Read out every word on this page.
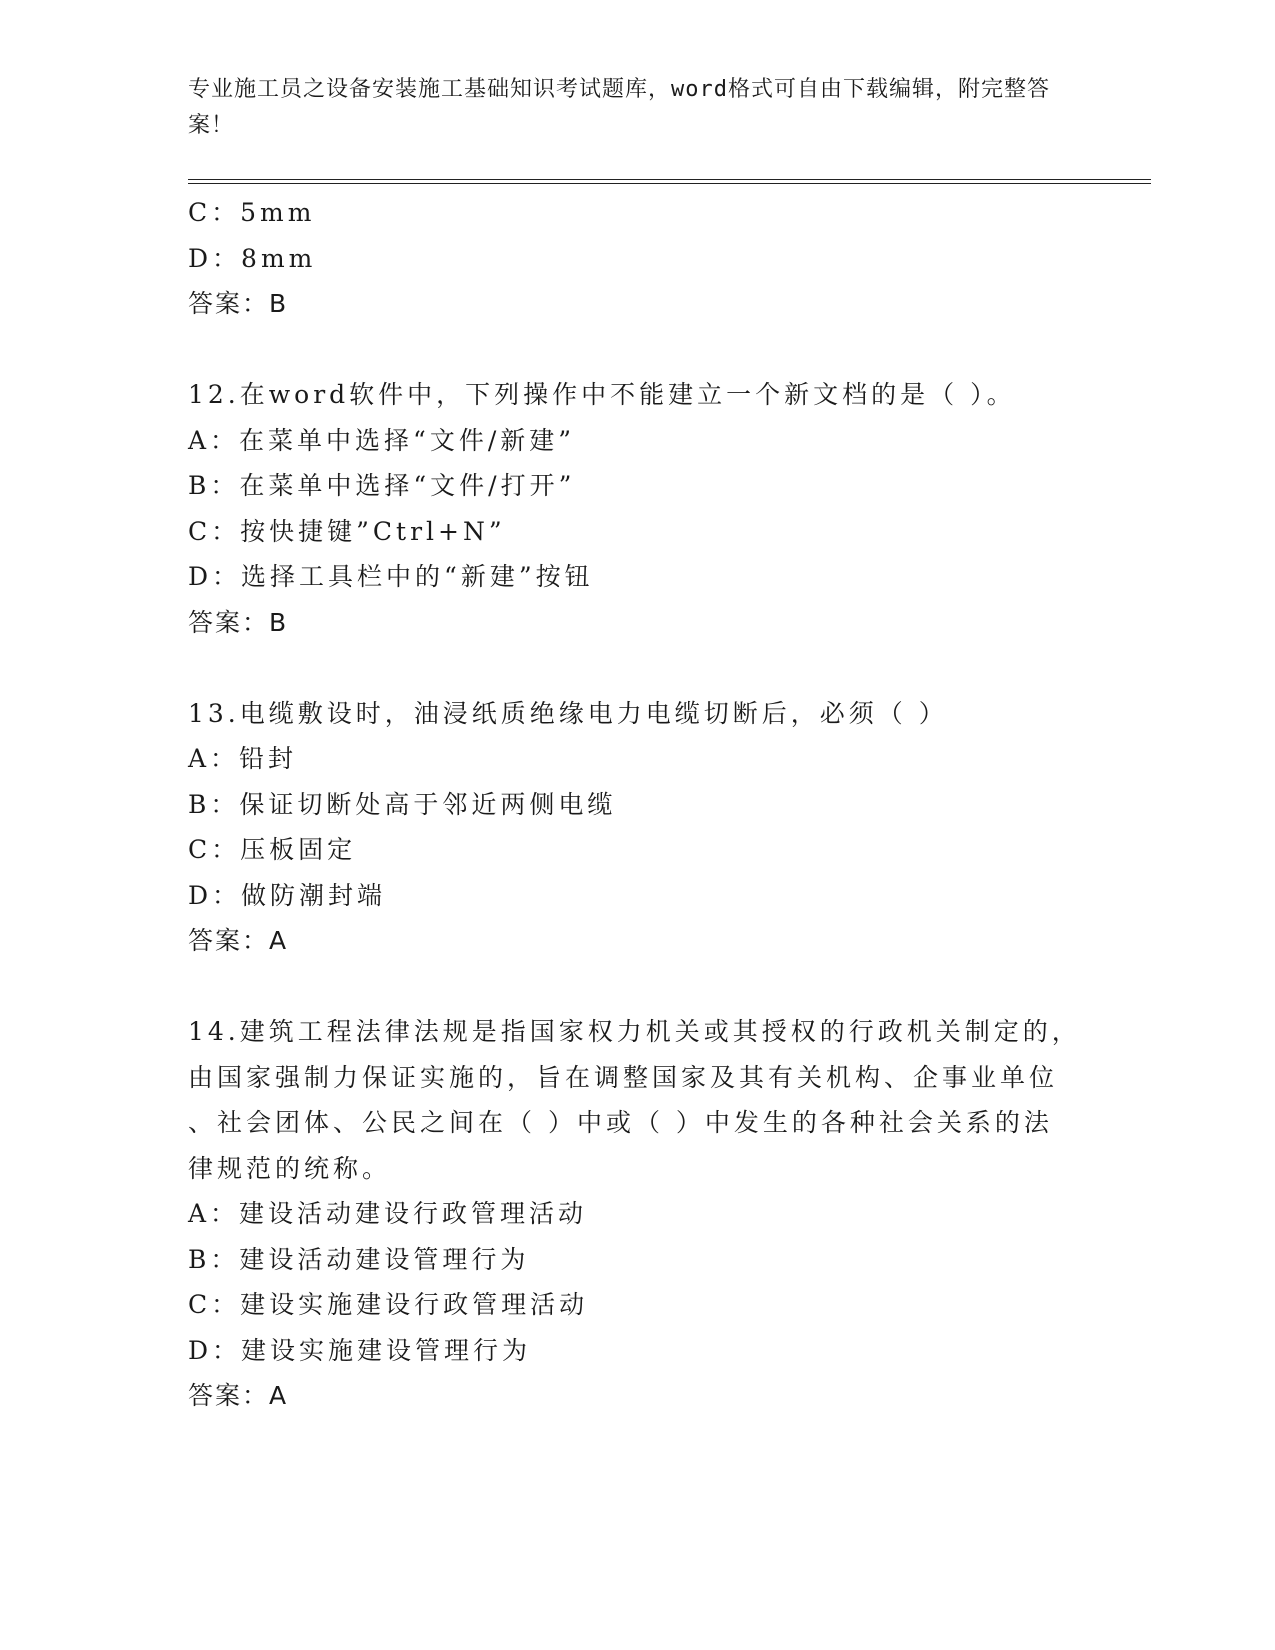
专业施工员之设备安装施工基础知识考试题库，word格式可自由下载编辑，附完整答案！
C：5mm
D：8mm
答案：B
12.在word软件中，下列操作中不能建立一个新文档的是（ ）。
A：在菜单中选择“文件/新建”
B：在菜单中选择“文件/打开”
C：按快捷键”Ctrl+N”
D：选择工具栏中的“新建”按钮
答案：B
13.电缆敷设时，油浸纸质绝缘电力电缆切断后，必须（ ）
A：铅封
B：保证切断处高于邻近两侧电缆
C：压板固定
D：做防潮封端
答案：A
14.建筑工程法律法规是指国家权力机关或其授权的行政机关制定的，
由国家强制力保证实施的，旨在调整国家及其有关机构、企事业单位
、社会团体、公民之间在（ ）中或（ ）中发生的各种社会关系的法
律规范的统称。
A：建设活动建设行政管理活动
B：建设活动建设管理行为
C：建设实施建设行政管理活动
D：建设实施建设管理行为
答案：A
